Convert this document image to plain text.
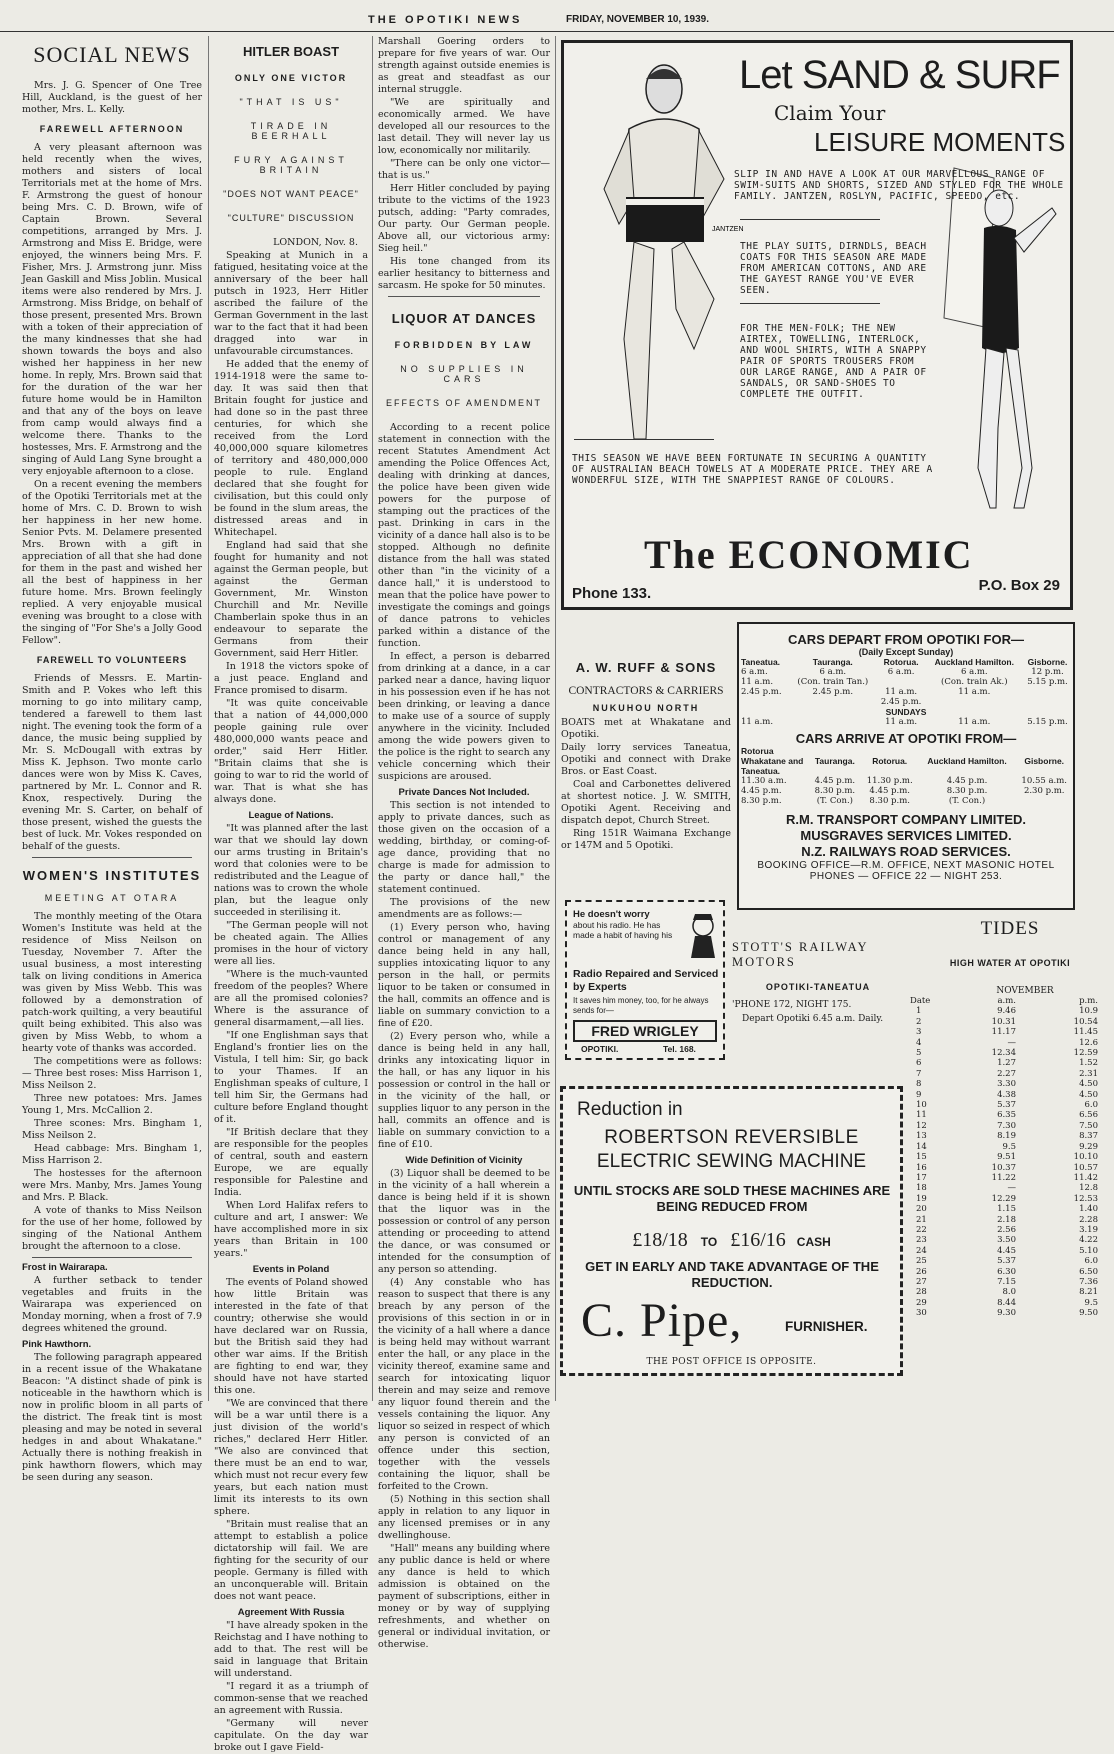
THE OPOTIKI NEWS	FRIDAY, NOVEMBER 10, 1939.
SOCIAL NEWS

Mrs. J. G. Spencer of One Tree Hill, Auckland, is the guest of her mother, Mrs. L. Kelly.

FAREWELL AFTERNOON

A very pleasant afternoon was held recently when the wives, mothers and sisters of local Territorials met at the home of Mrs. F. Armstrong the guest of honour being Mrs. C. D. Brown, wife of Captain Brown. Several competitions, arranged by Mrs. J. Armstrong and Miss E. Bridge, were enjoyed, the winners being Mrs. F. Fisher, Mrs. J. Armstrong junr. Miss Jean Gaskill and Miss Joblin. Musical items were also rendered by Mrs. J. Armstrong. Miss Bridge, on behalf of those present, presented Mrs. Brown with a token of their appreciation of the many kindnesses that she had shown towards the boys and also wished her happiness in her new home. In reply, Mrs. Brown said that for the duration of the war her future home would be in Hamilton and that any of the boys on leave from camp would always find a welcome there. Thanks to the hostesses, Mrs. F. Armstrong and the singing of Auld Lang Syne brought a very enjoyable afternoon to a close.

On a recent evening the members of the Opotiki Territorials met at the home of Mrs. C. D. Brown to wish her happiness in her new home. Senior Pvts. M. Delamere presented Mrs. Brown with a gift in appreciation of all that she had done for them in the past and wished her all the best of happiness in her future home. Mrs. Brown feelingly replied. A very enjoyable musical evening was brought to a close with the singing of "For She's a Jolly Good Fellow".

FAREWELL TO VOLUNTEERS

Friends of Messrs. E. Martin-Smith and P. Vokes who left this morning to go into military camp, tendered a farewell to them last night. The evening took the form of a dance, the music being supplied by Mr. S. McDougall with extras by Miss K. Jephson. Two monte carlo dances were won by Miss K. Caves, partnered by Mr. L. Connor and R. Knox, respectively. During the evening Mr. S. Carter, on behalf of those present, wished the guests the best of luck. Mr. Vokes responded on behalf of the guests.

WOMEN'S INSTITUTES
MEETING AT OTARA

The monthly meeting of the Otara Women's Institute was held at the residence of Miss Neilson on Tuesday, November 7. After the usual business, a most interesting talk on living conditions in America was given by Miss Webb. This was followed by a demonstration of patch-work quilting, a very beautiful quilt being exhibited. This also was given by Miss Webb, to whom a hearty vote of thanks was accorded.

The competitions were as follows:— Three best roses: Miss Harrison 1, Miss Neilson 2.

Three new potatoes: Mrs. James Young 1, Mrs. McCallion 2.

Three scones: Mrs. Bingham 1, Miss Neilson 2.

Head cabbage: Mrs. Bingham 1, Miss Harrison 2.

The hostesses for the afternoon were Mrs. Manby, Mrs. James Young and Mrs. P. Black.

A vote of thanks to Miss Neilson for the use of her home, followed by singing of the National Anthem brought the afternoon to a close.

Frost in Wairarapa.

A further setback to tender vegetables and fruits in the Wairarapa was experienced on Monday morning, when a frost of 7.9 degrees whitened the ground.

Pink Hawthorn.

The following paragraph appeared in a recent issue of the Whakatane Beacon: "A distinct shade of pink is noticeable in the hawthorn which is now in prolific bloom in all parts of the district. The freak tint is most pleasing and may be noted in several hedges in and about Whakatane." Actually there is nothing freakish in pink hawthorn flowers, which may be seen during any season.

HITLER BOAST
ONLY ONE VICTOR
"THAT IS US"
TIRADE IN BEERHALL
FURY AGAINST BRITAIN
"DOES NOT WANT PEACE"
"CULTURE" DISCUSSION
LONDON, Nov. 8.

Speaking at Munich in a fatigued, hesitating voice at the anniversary of the beer hall putsch in 1923, Herr Hitler ascribed the failure of the German Government in the last war to the fact that it had been dragged into war in unfavourable circumstances.

He added that the enemy of 1914-1918 were the same to-day. It was said then that Britain fought for justice and had done so in the past three centuries, for which she received from the Lord 40,000,000 square kilometres of territory and 480,000,000 people to rule. England declared that she fought for civilisation, but this could only be found in the slum areas, the distressed areas and in Whitechapel.

England had said that she fought for humanity and not against the German people, but against the German Government, Mr. Winston Churchill and Mr. Neville Chamberlain spoke thus in an endeavour to separate the Germans from their Government, said Herr Hitler.

In 1918 the victors spoke of a just peace. England and France promised to disarm.

"It was quite conceivable that a nation of 44,000,000 people gaining rule over 480,000,000 wants peace and order," said Herr Hitler. "Britain claims that she is going to war to rid the world of war. That is what she has always done.

League of Nations.

"It was planned after the last war that we should lay down our arms trusting in Britain's word that colonies were to be redistributed and the League of nations was to crown the whole plan, but the league only succeeded in sterilising it.

"The German people will not be cheated again. The Allies promises in the hour of victory were all lies.

"Where is the much-vaunted freedom of the peoples? Where are all the promised colonies? Where is the assurance of general disarmament,—all lies.

"If one Englishman says that England's frontier lies on the Vistula, I tell him: Sir, go back to your Thames. If an Englishman speaks of culture, I tell him Sir, the Germans had culture before England thought of it.

"If British declare that they are responsible for the peoples of central, south and eastern Europe, we are equally responsible for Palestine and India.

When Lord Halifax refers to culture and art, I answer: We have accomplished more in six years than Britain in 100 years."

Events in Poland

The events of Poland showed how little Britain was interested in the fate of that country; otherwise she would have declared war on Russia, but the British said they had other war aims. If the British are fighting to end war, they should have not have started this one.

"We are convinced that there will be a war until there is a just division of the world's riches," declared Herr Hitler. "We also are convinced that there must be an end to war, which must not recur every few years, but each nation must limit its interests to its own sphere.

"Britain must realise that an attempt to establish a police dictatorship will fail. We are fighting for the security of our people. Germany is filled with an unconquerable will. Britain does not want peace.

Agreement With Russia

"I have already spoken in the Reichstag and I have nothing to add to that. The rest will be said in language that Britain will understand.

"I regard it as a triumph of common-sense that we reached an agreement with Russia.

"Germany will never capitulate. On the day war broke out I gave Field-

Marshall Goering orders to prepare for five years of war. Our strength against outside enemies is as great and steadfast as our internal struggle.

"We are spiritually and economically armed. We have developed all our resources to the last detail. They will never lay us low, economically nor militarily.

"There can be only one victor—that is us."

Herr Hitler concluded by paying tribute to the victims of the 1923 putsch, adding: "Party comrades, Our party. Our German people. Above all, our victorious army: Sieg heil."

His tone changed from its earlier hesitancy to bitterness and sarcasm. He spoke for 50 minutes.

LIQUOR AT DANCES
FORBIDDEN BY LAW
NO SUPPLIES IN CARS
EFFECTS OF AMENDMENT

According to a recent police statement in connection with the recent Statutes Amendment Act amending the Police Offences Act, dealing with drinking at dances, the police have been given wide powers for the purpose of stamping out the practices of the past. Drinking in cars in the vicinity of a dance hall also is to be stopped. Although no definite distance from the hall was stated other than "in the vicinity of a dance hall," it is understood to mean that the police have power to investigate the comings and goings of dance patrons to vehicles parked within a distance of the function.

In effect, a person is debarred from drinking at a dance, in a car parked near a dance, having liquor in his possession even if he has not been drinking, or leaving a dance to make use of a source of supply anywhere in the vicinity. Included among the wide powers given to the police is the right to search any vehicle concerning which their suspicions are aroused.

Private Dances Not Included.

This section is not intended to apply to private dances, such as those given on the occasion of a wedding, birthday, or coming-of-age dance, providing that no charge is made for admission to the party or dance hall," the statement continued.

The provisions of the new amendments are as follows:—

(1) Every person who, having control or management of any dance being held in any hall, supplies intoxicating liquor to any person in the hall, or permits liquor to be taken or consumed in the hall, commits an offence and is liable on summary conviction to a fine of £20.

(2) Every person who, while a dance is being held in any hall, drinks any intoxicating liquor in the hall, or has any liquor in his possession or control in the hall or in the vicinity of the hall, or supplies liquor to any person in the hall, commits an offence and is liable on summary conviction to a fine of £10.

Wide Definition of Vicinity

(3) Liquor shall be deemed to be in the vicinity of a hall wherein a dance is being held if it is shown that the liquor was in the possession or control of any person attending or proceeding to attend the dance, or was consumed or intended for the consumption of any person so attending.

(4) Any constable who has reason to suspect that there is any breach by any person of the provisions of this section in or in the vicinity of a hall where a dance is being held may without warrant enter the hall, or any place in the vicinity thereof, examine same and search for intoxicating liquor therein and may seize and remove any liquor found therein and the vessels containing the liquor. Any liquor so seized in respect of which any person is convicted of an offence under this section, together with the vessels containing the liquor, shall be forfeited to the Crown.

(5) Nothing in this section shall apply in relation to any liquor in any licensed premises or in any dwellinghouse.

"Hall" means any building where any public dance is held or where any dance is held to which admission is obtained on the payment of subscriptions, either in money or by way of supplying refreshments, and whether on general or individual invitation, or otherwise.

Let SAND & SURF
Claim Your
LEISURE MOMENTS
JANTZEN
SLIP IN AND HAVE A LOOK AT OUR MARVELLOUS RANGE OF SWIM-SUITS AND SHORTS, SIZED AND STYLED FOR THE WHOLE FAMILY. JANTZEN, ROSLYN, PACIFIC, SPEEDO, etc.
THE PLAY SUITS, DIRNDLS, BEACH COATS FOR THIS SEASON ARE MADE FROM AMERICAN COTTONS, AND ARE THE GAYEST RANGE YOU'VE EVER SEEN.
FOR THE MEN-FOLK; THE NEW AIRTEX, TOWELLING, INTERLOCK, AND WOOL SHIRTS, WITH A SNAPPY PAIR OF SPORTS TROUSERS FROM OUR LARGE RANGE, AND A PAIR OF SANDALS, OR SAND-SHOES TO COMPLETE THE OUTFIT.
THIS SEASON WE HAVE BEEN FORTUNATE IN SECURING A QUANTITY OF AUSTRALIAN BEACH TOWELS AT A MODERATE PRICE. THEY ARE A WONDERFUL SIZE, WITH THE SNAPPIEST RANGE OF COLOURS.
The ECONOMIC
Phone 133.	P.O. Box 29
A. W. RUFF & SONS
CONTRACTORS & CARRIERS
NUKUHOU NORTH

BOATS met at Whakatane and Opotiki.

Daily lorry services Taneatua, Opotiki and connect with Drake Bros. or East Coast.

Coal and Carbonettes delivered at shortest notice. J. W. SMITH, Opotiki Agent. Receiving and dispatch depot, Church Street.

Ring 151R Waimana Exchange or 147M and 5 Opotiki.

CARS DEPART FROM OPOTIKI FOR—
(Daily Except Sunday)
Taneatua.	Tauranga.	Rotorua.	Auckland Hamilton.	Gisborne.
6 a.m.	6 a.m.	6 a.m.	6 a.m.	12 p.m.
11 a.m.	(Con. train Tan.)		(Con. train Ak.)	5.15 p.m.
2.45 p.m.	2.45 p.m.	11 a.m.	11 a.m.	
		2.45 p.m.		
SUNDAYS				
11 a.m.		11 a.m.	11 a.m.	5.15 p.m.
CARS ARRIVE AT OPOTIKI FROM—
Rotorua Whakatane and Taneatua.	Tauranga.	Rotorua.	Auckland Hamilton.	Gisborne.
11.30 a.m.	4.45 p.m.	11.30 p.m.	4.45 p.m.	10.55 a.m.
4.45 p.m.	8.30 p.m.	4.45 p.m.	8.30 p.m.	2.30 p.m.
8.30 p.m.	(T. Con.)	8.30 p.m.	(T. Con.)	
R.M. TRANSPORT COMPANY LIMITED.
MUSGRAVES SERVICES LIMITED.
N.Z. RAILWAYS ROAD SERVICES.
BOOKING OFFICE—R.M. OFFICE, NEXT MASONIC HOTEL
PHONES — OFFICE 22 — NIGHT 253.
He doesn't worry
about his radio. He has made a habit of having his
Radio Repaired and Serviced by Experts
It saves him money, too, for he always sends for—
FRED WRIGLEY
OPOTIKI.	Tel. 168.
STOTT'S RAILWAY MOTORS
OPOTIKI-TANEATUA
'PHONE 172, NIGHT 175.
Depart Opotiki 6.45 a.m. Daily.
Reduction in
ROBERTSON REVERSIBLE
ELECTRIC SEWING MACHINE
UNTIL STOCKS ARE SOLD THESE MACHINES ARE BEING REDUCED FROM
£18/18 TO £16/16 CASH
GET IN EARLY AND TAKE ADVANTAGE OF THE REDUCTION.
C. Pipe,	FURNISHER.
THE POST OFFICE IS OPPOSITE.
TIDES
HIGH WATER AT OPOTIKI
NOVEMBER
Date	a.m.	p.m.
1	9.46	10.9
2	10.31	10.54
3	11.17	11.45
4	—	12.6
5	12.34	12.59
6	1.27	1.52
7	2.27	2.31
8	3.30	4.50
9	4.38	4.50
10	5.37	6.0
11	6.35	6.56
12	7.30	7.50
13	8.19	8.37
14	9.5	9.29
15	9.51	10.10
16	10.37	10.57
17	11.22	11.42
18	—	12.8
19	12.29	12.53
20	1.15	1.40
21	2.18	2.28
22	2.56	3.19
23	3.50	4.22
24	4.45	5.10
25	5.37	6.0
26	6.30	6.50
27	7.15	7.36
28	8.0	8.21
29	8.44	9.5
30	9.30	9.50
